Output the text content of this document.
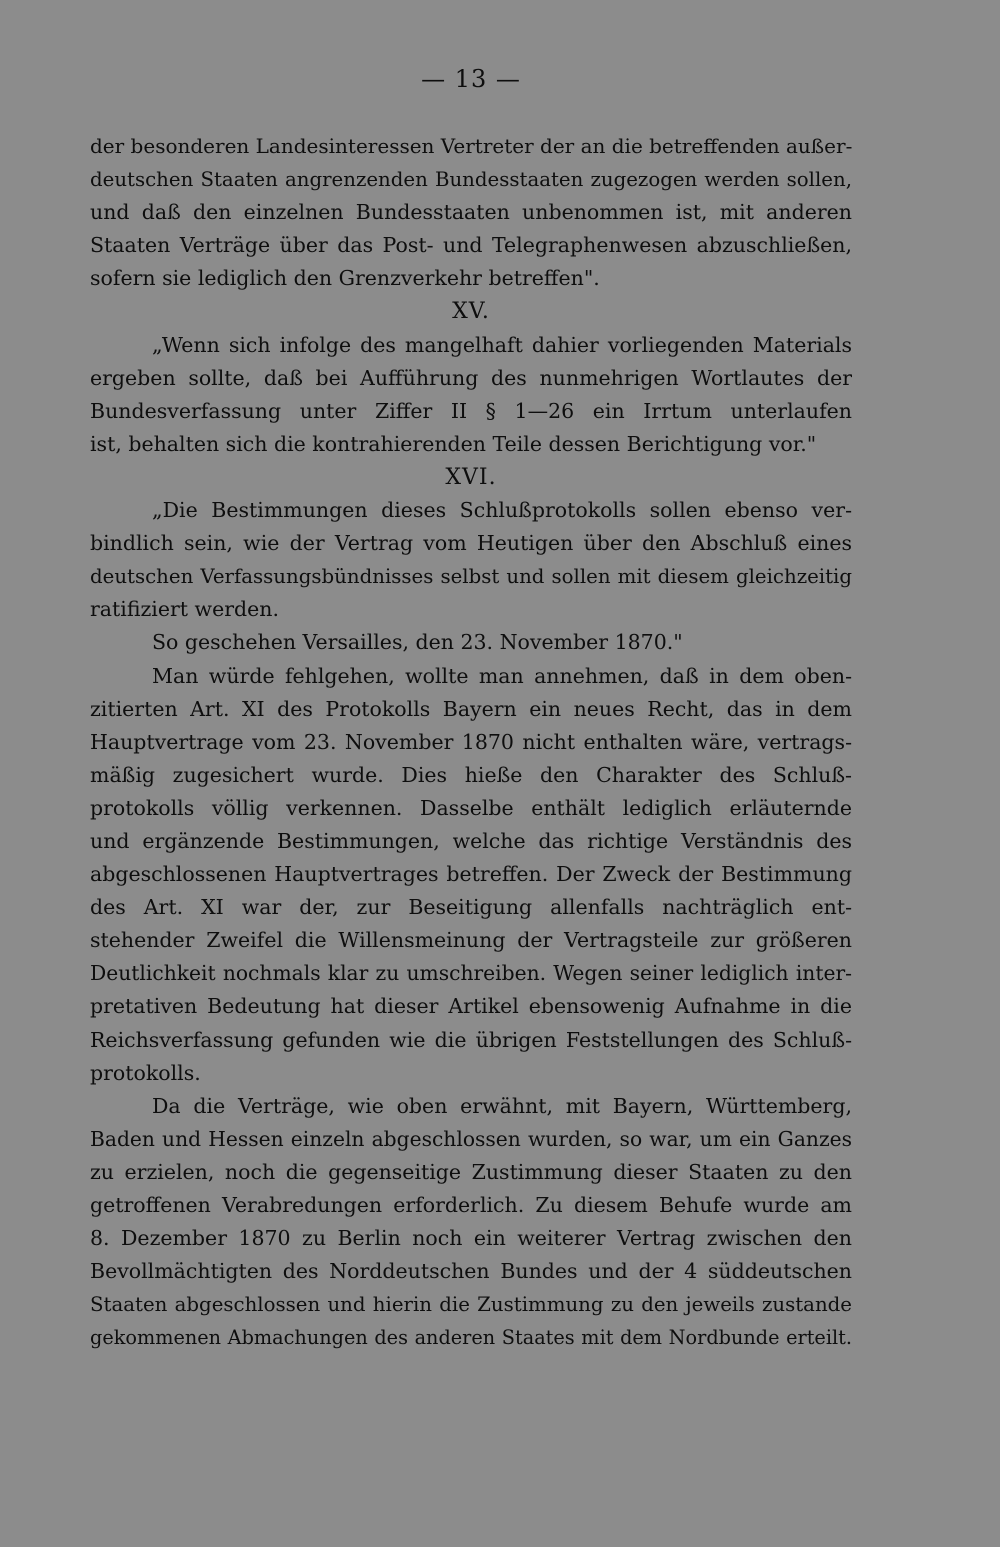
— 13 —
der besonderen Landesinteressen Vertreter der an die betreffenden außer-
deutschen Staaten angrenzenden Bundesstaaten zugezogen werden sollen,
und daß den einzelnen Bundesstaaten unbenommen ist, mit anderen
Staaten Verträge über das Post- und Telegraphenwesen abzuschließen,
sofern sie lediglich den Grenzverkehr betreffen".
XV.
„Wenn sich infolge des mangelhaft dahier vorliegenden Materials
ergeben sollte, daß bei Aufführung des nunmehrigen Wortlautes der
Bundesverfassung unter Ziffer II § 1—26 ein Irrtum unterlaufen
ist, behalten sich die kontrahierenden Teile dessen Berichtigung vor."
XVI.
„Die Bestimmungen dieses Schlußprotokolls sollen ebenso ver-
bindlich sein, wie der Vertrag vom Heutigen über den Abschluß eines
deutschen Verfassungsbündnisses selbst und sollen mit diesem gleichzeitig
ratifiziert werden.
So geschehen Versailles, den 23. November 1870."
Man würde fehlgehen, wollte man annehmen, daß in dem oben-
zitierten Art. XI des Protokolls Bayern ein neues Recht, das in dem
Hauptvertrage vom 23. November 1870 nicht enthalten wäre, vertrags-
mäßig zugesichert wurde. Dies hieße den Charakter des Schluß-
protokolls völlig verkennen. Dasselbe enthält lediglich erläuternde
und ergänzende Bestimmungen, welche das richtige Verständnis des
abgeschlossenen Hauptvertrages betreffen. Der Zweck der Bestimmung
des Art. XI war der, zur Beseitigung allenfalls nachträglich ent-
stehender Zweifel die Willensmeinung der Vertragsteile zur größeren
Deutlichkeit nochmals klar zu umschreiben. Wegen seiner lediglich inter-
pretativen Bedeutung hat dieser Artikel ebensowenig Aufnahme in die
Reichsverfassung gefunden wie die übrigen Feststellungen des Schluß-
protokolls.
Da die Verträge, wie oben erwähnt, mit Bayern, Württemberg,
Baden und Hessen einzeln abgeschlossen wurden, so war, um ein Ganzes
zu erzielen, noch die gegenseitige Zustimmung dieser Staaten zu den
getroffenen Verabredungen erforderlich. Zu diesem Behufe wurde am
8. Dezember 1870 zu Berlin noch ein weiterer Vertrag zwischen den
Bevollmächtigten des Norddeutschen Bundes und der 4 süddeutschen
Staaten abgeschlossen und hierin die Zustimmung zu den jeweils zustande
gekommenen Abmachungen des anderen Staates mit dem Nordbunde erteilt.
